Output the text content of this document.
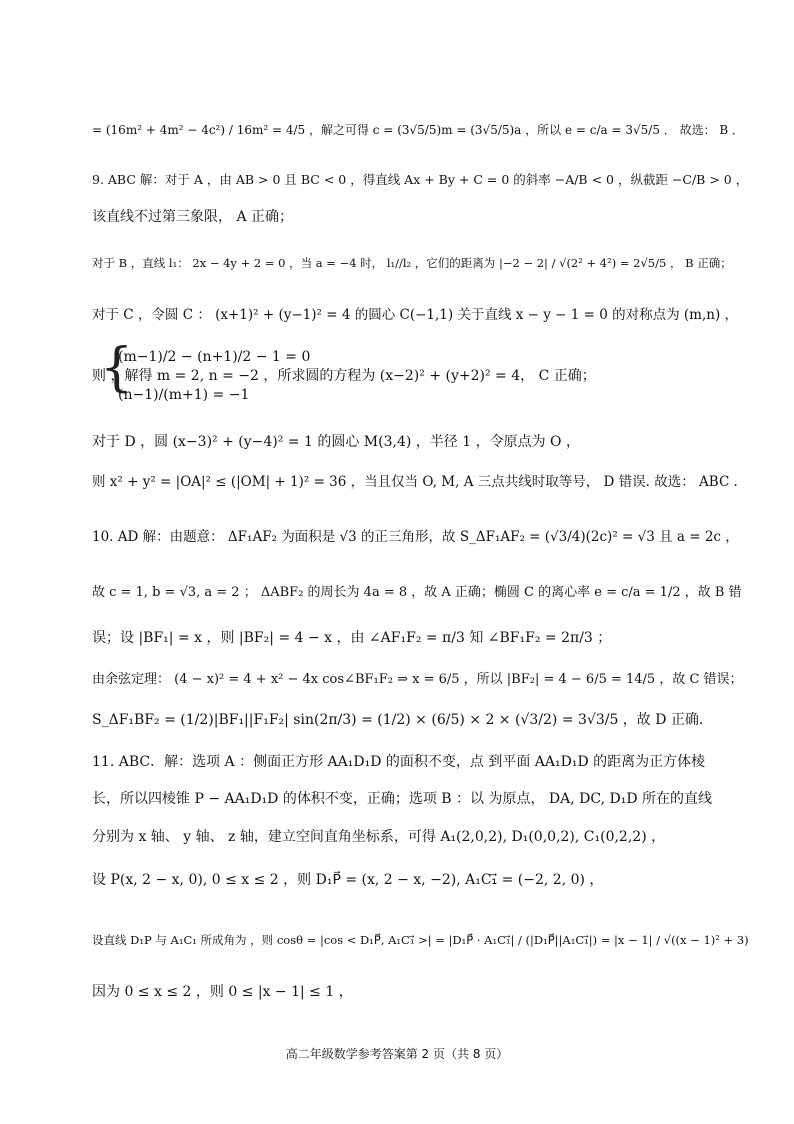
= (16m² + 4m² − 4c²) / 16m² = 4/5 ，解之可得 c = (3√5/5)m = (3√5/5)a ，所以 e = c/a = 3√5/5 ． 故选： B ．
9. ABC 解：对于 A ，由 AB > 0 且 BC < 0 ，得直线 Ax + By + C = 0 的斜率 −A/B < 0 ，纵截距 −C/B > 0 ，
该直线不过第三象限， A 正确；
对于 B ，直线 l₁： 2x − 4y + 2 = 0 ，当 a = −4 时， l₁//l₂ ，它们的距离为 |−2 − 2| / √(2² + 4²) = 2√5/5 ， B 正确；
对于 C ，令圆 C ： (x+1)² + (y−1)² = 4 的圆心 C(−1,1) 关于直线 x − y − 1 = 0 的对称点为 (m,n) ，
{
(m−1)/2 − (n+1)/2 − 1 = 0
则 ，解得 m = 2, n = −2 ，所求圆的方程为 (x−2)² + (y+2)² = 4， C 正确；
(n−1)/(m+1) = −1
对于 D ，圆 (x−3)² + (y−4)² = 1 的圆心 M(3,4) ，半径 1 ，令原点为 O ，
则 x² + y² = |OA|² ≤ (|OM| + 1)² = 36 ，当且仅当 O, M, A 三点共线时取等号， D 错误. 故选： ABC .
10. AD 解：由题意： ΔF₁AF₂ 为面积是 √3 的正三角形，故 S_ΔF₁AF₂ = (√3/4)(2c)² = √3 且 a = 2c ，
故 c = 1, b = √3, a = 2 ； ΔABF₂ 的周长为 4a = 8 ，故 A 正确；椭圆 C 的离心率 e = c/a = 1/2 ，故 B 错
误；设 |BF₁| = x ，则 |BF₂| = 4 − x ，由 ∠AF₁F₂ = π/3 知 ∠BF₁F₂ = 2π/3 ；
由余弦定理： (4 − x)² = 4 + x² − 4x cos∠BF₁F₂ ⇒ x = 6/5 ，所以 |BF₂| = 4 − 6/5 = 14/5 ，故 C 错误；
S_ΔF₁BF₂ = (1/2)|BF₁||F₁F₂| sin(2π/3) = (1/2) × (6/5) × 2 × (√3/2) = 3√3/5 ，故 D 正确.
11. ABC．解：选项 A ：侧面正方形 AA₁D₁D 的面积不变，点 到平面 AA₁D₁D 的距离为正方体棱
长，所以四棱锥 P − AA₁D₁D 的体积不变，正确；选项 B ：以 为原点， DA, DC, D₁D 所在的直线
分别为 x 轴、 y 轴、 z 轴，建立空间直角坐标系，可得 A₁(2,0,2), D₁(0,0,2), C₁(0,2,2) ，
设 P(x, 2 − x, 0), 0 ≤ x ≤ 2 ，则 D₁P⃗ = (x, 2 − x, −2), A₁C₁⃗ = (−2, 2, 0) ，
设直线 D₁P 与 A₁C₁ 所成角为 ，则 cosθ = |cos < D₁P⃗, A₁C₁⃗ >| = |D₁P⃗ · A₁C₁⃗| / (|D₁P⃗||A₁C₁⃗|) = |x − 1| / √((x − 1)² + 3)
因为 0 ≤ x ≤ 2 ，则 0 ≤ |x − 1| ≤ 1 ，
高二年级数学参考答案第 2 页（共 8 页）
